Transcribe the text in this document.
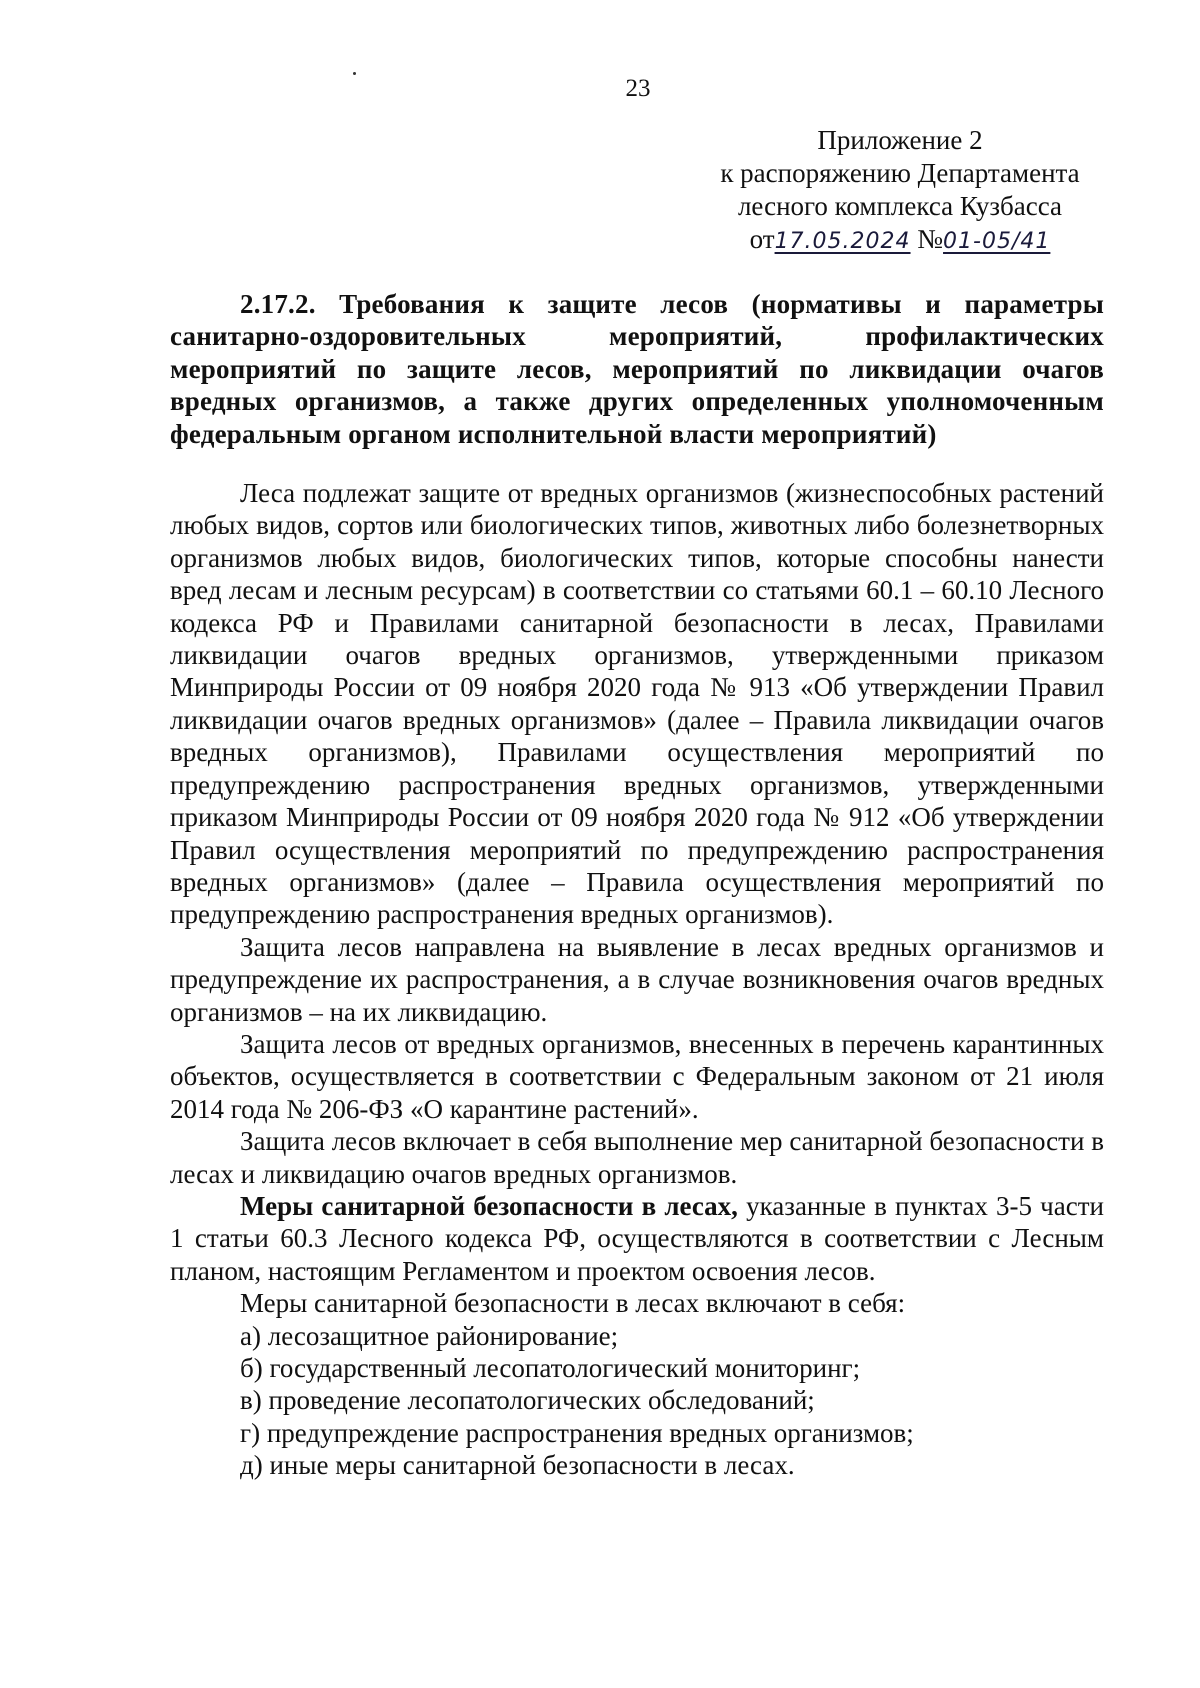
23
Приложение 2
к распоряжению Департамента
лесного комплекса Кузбасса
от17.05.2024 №01-05/41

2.17.2. Требования к защите лесов (нормативы и параметры санитарно-оздоровительных мероприятий, профилактических мероприятий по защите лесов, мероприятий по ликвидации очагов вредных организмов, а также других определенных уполномоченным федеральным органом исполнительной власти мероприятий)

Леса подлежат защите от вредных организмов (жизнеспособных растений любых видов, сортов или биологических типов, животных либо болезнетворных организмов любых видов, биологических типов, которые способны нанести вред лесам и лесным ресурсам) в соответствии со статьями 60.1 – 60.10 Лесного кодекса РФ и Правилами санитарной безопасности в лесах, Правилами ликвидации очагов вредных организмов, утвержденными приказом Минприроды России от 09 ноября 2020 года № 913 «Об утверждении Правил ликвидации очагов вредных организмов» (далее – Правила ликвидации очагов вредных организмов), Правилами осуществления мероприятий по предупреждению распространения вредных организмов, утвержденными приказом Минприроды России от 09 ноября 2020 года № 912 «Об утверждении Правил осуществления мероприятий по предупреждению распространения вредных организмов» (далее – Правила осуществления мероприятий по предупреждению распространения вредных организмов).

Защита лесов направлена на выявление в лесах вредных организмов и предупреждение их распространения, а в случае возникновения очагов вредных организмов – на их ликвидацию.

Защита лесов от вредных организмов, внесенных в перечень карантинных объектов, осуществляется в соответствии с Федеральным законом от 21 июля 2014 года № 206-ФЗ «О карантине растений».

Защита лесов включает в себя выполнение мер санитарной безопасности в лесах и ликвидацию очагов вредных организмов.

Меры санитарной безопасности в лесах, указанные в пунктах 3-5 части 1 статьи 60.3 Лесного кодекса РФ, осуществляются в соответствии с Лесным планом, настоящим Регламентом и проектом освоения лесов.

Меры санитарной безопасности в лесах включают в себя:

а) лесозащитное районирование;

б) государственный лесопатологический мониторинг;

в) проведение лесопатологических обследований;

г) предупреждение распространения вредных организмов;

д) иные меры санитарной безопасности в лесах.
